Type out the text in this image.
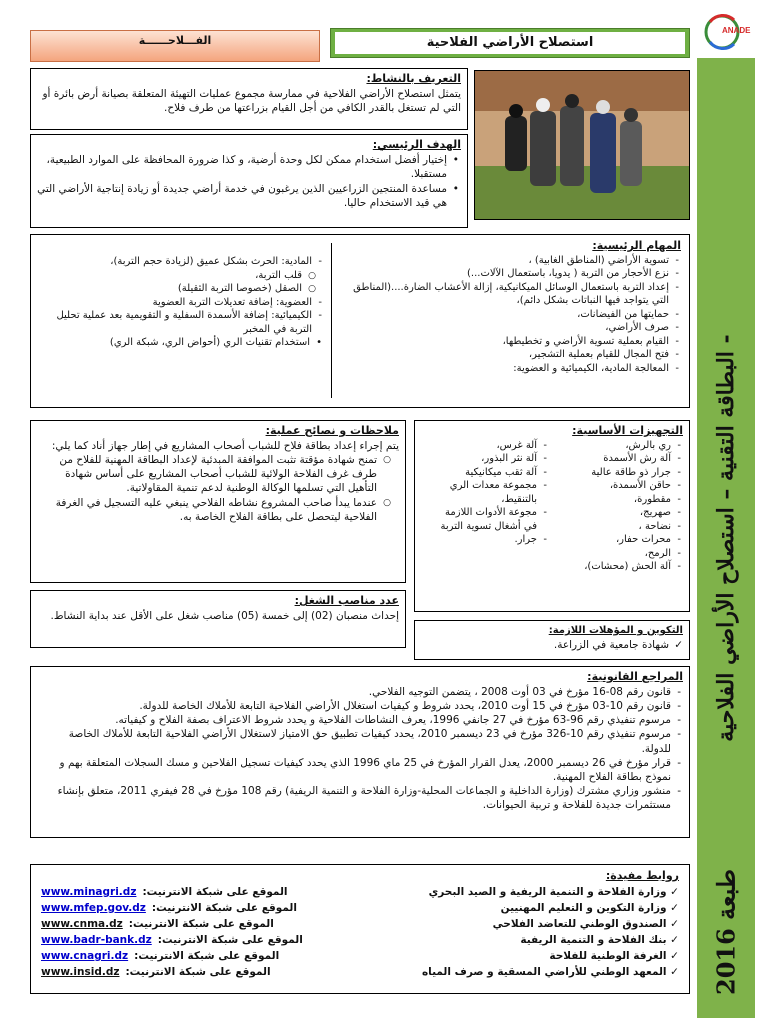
ANADE
استصلاح الأراضي الفلاحية
الفـــلاحــــــة
البطاقة التقنية – استصلاح الأراضي الفلاحية -
طبعة 2016
التعريف بالنشاط:
يتمثل استصلاح الأراضي الفلاحية في ممارسة مجموع عمليات التهيئة المتعلقة بصيانة أرض بائرة أو التي لم تستغل بالقدر الكافي من أجل القيام بزراعتها من طرف فلاح.
الهدف الرئيسي:
• إختيار أفضل استخدام ممكن لكل وحدة أرضية، و كذا ضرورة المحافظة على الموارد الطبيعية، مستقبلا.
• مساعدة المنتجين الزراعيين الذين يرغبون في خدمة أراضي جديدة أو زيادة إنتاجية الأراضي التي هي قيد الاستخدام حاليا.
المهام الرئيسية:
- تسوية الأراضي (المناطق الغابية) ،
- نزع الأحجار من التربة ( يدويا، باستعمال الآلات...)
- إعداد التربة باستعمال الوسائل الميكانيكية، إزالة الأعشاب الضارة....(المناطق التي يتواجد فيها النباتات بشكل دائم)،
- حمايتها من الفيضانات،
- صرف الأراضي،
- القيام بعملية تسوية الأراضي و تخطيطها،
- فتح المجال للقيام بعملية التشجير،
- المعالجة المادية، الكيميائية و العضوية:
- المادية: الحرث بشكل عميق (لزيادة حجم التربة)،
○ قلب التربة،
○ الصقل (خصوصا التربة الثقيلة)
- العضوية: إضافة تعديلات التربة العضوية
- الكيميائية: إضافة الأسمدة السفلية و التقويمية بعد عملية تحليل التربة في المخبر
• استخدام تقنيات الري (أحواض الري، شبكة الري)
ملاحظات و نصائح عملية:
يتم إجراء إعداد بطاقة فلاح للشباب أصحاب المشاريع في إطار جهاز أناد كما يلي:
○ تمنح شهادة مؤقتة تثبت الموافقة المبدئية لإعداد البطاقة المهنية للفلاح من طرف غرف الفلاحة الولائية للشباب أصحاب المشاريع على أساس شهادة التأهيل التي تسلمها الوكالة الوطنية لدعم تنمية المقاولاتية.
○ عندما يبدأ صاحب المشروع نشاطه الفلاحي ينبغي عليه التسجيل في الغرفة الفلاحية ليتحصل على بطاقة الفلاح الخاصة به.
التجهيزات الأساسية:
- ري بالرش،
- آلة رش الأسمدة
- جرار ذو طاقة عالية
- حاقن الأسمدة،
- مقطورة،
- صهريج،
- نضاحة ،
- محرات حفار،
- الرمح،
- آلة الحش (محشات)،
- آلة غرس،
- آلة نثر البذور،
- آلة ثقب ميكانيكية
- مجموعة معدات الري بالتنقيط،
- مجوعة الأدوات اللازمة في أشغال تسوية التربة
- جرار.
عدد مناصب الشغل:
إحداث منصبان (02) إلى خمسة (05) مناصب شغل على الأقل عند بداية النشاط.
التكوين و المؤهلات اللازمة:
✓
شهادة جامعية في الزراعة.
المراجع القانونية:
- قانون رقم 08-16 مؤرخ في 03 أوت 2008 ، يتضمن التوجيه الفلاحي.
- قانون رقم 10-03 مؤرخ في 15 أوت 2010، يحدد شروط و كيفيات استغلال الأراضي الفلاحية التابعة للأملاك الخاصة للدولة.
- مرسوم تنفيذي رقم 96-63 مؤرخ في 27 جانفي 1996، يعرف النشاطات الفلاحية و يحدد شروط الاعتراف بصفة الفلاح و كيفياته.
- مرسوم تنفيذي رقم 10-326 مؤرخ في 23 ديسمبر 2010، يحدد كيفيات تطبيق حق الامتياز لاستغلال الأراضي الفلاحية التابعة للأملاك الخاصة للدولة.
- قرار مؤرخ في 26 ديسمبر 2000، يعدل القرار المؤرخ في 25 ماي 1996 الذي يحدد كيفيات تسجيل الفلاحين و مسك السجلات المتعلقة بهم و نموذج بطاقة الفلاح المهنية.
- منشور وزاري مشترك (وزارة الداخلية و الجماعات المحلية-وزارة الفلاحة و التنمية الريفية) رقم 108 مؤرخ في 28 فيفري 2011، متعلق بإنشاء مستثمرات جديدة للفلاحة و تربية الحيوانات.
روابط مفيدة:
✓ وزارة الفلاحة و التنمية الريفية و الصيد البحري
الموقع على شبكة الانترنيت:
www.minagri.dz
✓ وزارة التكوين و التعليم المهنيين
الموقع على شبكة الانترنيت:
www.mfep.gov.dz
✓ الصندوق الوطني للتعاضد الفلاحي
الموقع على شبكة الانترنيت:
www.cnma.dz
✓ بنك الفلاحة و التنمية الريفية
الموقع على شبكة الانترنيت:
www.badr-bank.dz
✓ الغرفة الوطنية للفلاحة
الموقع على شبكة الانترنيت:
www.cnagri.dz
✓ المعهد الوطني للأراضي المسقية و صرف المياه
الموقع على شبكة الانترنيت:
www.insid.dz
